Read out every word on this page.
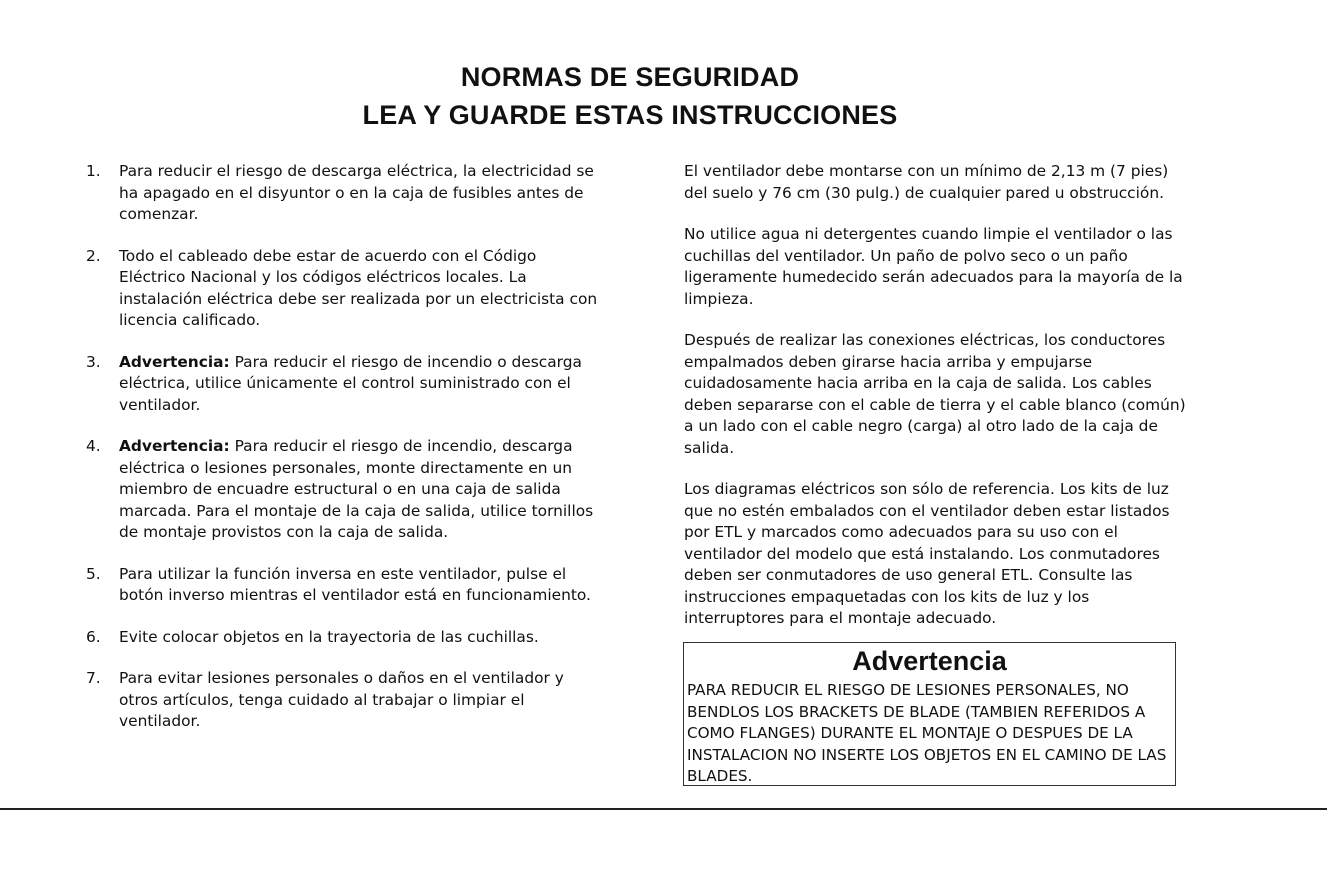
NORMAS DE SEGURIDAD
LEA Y GUARDE ESTAS INSTRUCCIONES
1.	Para reducir el riesgo de descarga eléctrica, la electricidad se ha apagado en el disyuntor o en la caja de fusibles antes de comenzar.
2.	Todo el cableado debe estar de acuerdo con el Código Eléctrico Nacional y los códigos eléctricos locales. La instalación eléctrica debe ser realizada por un electricista con licencia calificado.
3.	Advertencia: Para reducir el riesgo de incendio o descarga eléctrica, utilice únicamente el control suministrado con el ventilador.
4.	Advertencia: Para reducir el riesgo de incendio, descarga eléctrica o lesiones personales, monte directamente en un miembro de encuadre estructural o en una caja de salida marcada. Para el montaje de la caja de salida, utilice tornillos de montaje provistos con la caja de salida.
5.	Para utilizar la función inversa en este ventilador, pulse el botón inverso mientras el ventilador está en funcionamiento.
6.	Evite colocar objetos en la trayectoria de las cuchillas.
7.	Para evitar lesiones personales o daños en el ventilador y otros artículos, tenga cuidado al trabajar o limpiar el ventilador.

El ventilador debe montarse con un mínimo de 2,13 m (7 pies) del suelo y 76 cm (30 pulg.) de cualquier pared u obstrucción.

No utilice agua ni detergentes cuando limpie el ventilador o las cuchillas del ventilador. Un paño de polvo seco o un paño ligeramente humedecido serán adecuados para la mayoría de la limpieza.

Después de realizar las conexiones eléctricas, los conductores empalmados deben girarse hacia arriba y empujarse cuidadosamente hacia arriba en la caja de salida. Los cables deben separarse con el cable de tierra y el cable blanco (común) a un lado con el cable negro (carga) al otro lado de la caja de salida.

Los diagramas eléctricos son sólo de referencia. Los kits de luz que no estén embalados con el ventilador deben estar listados por ETL y marcados como adecuados para su uso con el ventilador del modelo que está instalando. Los conmutadores deben ser conmutadores de uso general ETL. Consulte las instrucciones empaquetadas con los kits de luz y los interruptores para el montaje adecuado.

Advertencia
PARA REDUCIR EL RIESGO DE LESIONES PERSONALES, NO BENDLOS LOS BRACKETS DE BLADE (TAMBIEN REFERIDOS A COMO FLANGES) DURANTE EL MONTAJE O DESPUES DE LA INSTALACION NO INSERTE LOS OBJETOS EN EL CAMINO DE LAS BLADES.
